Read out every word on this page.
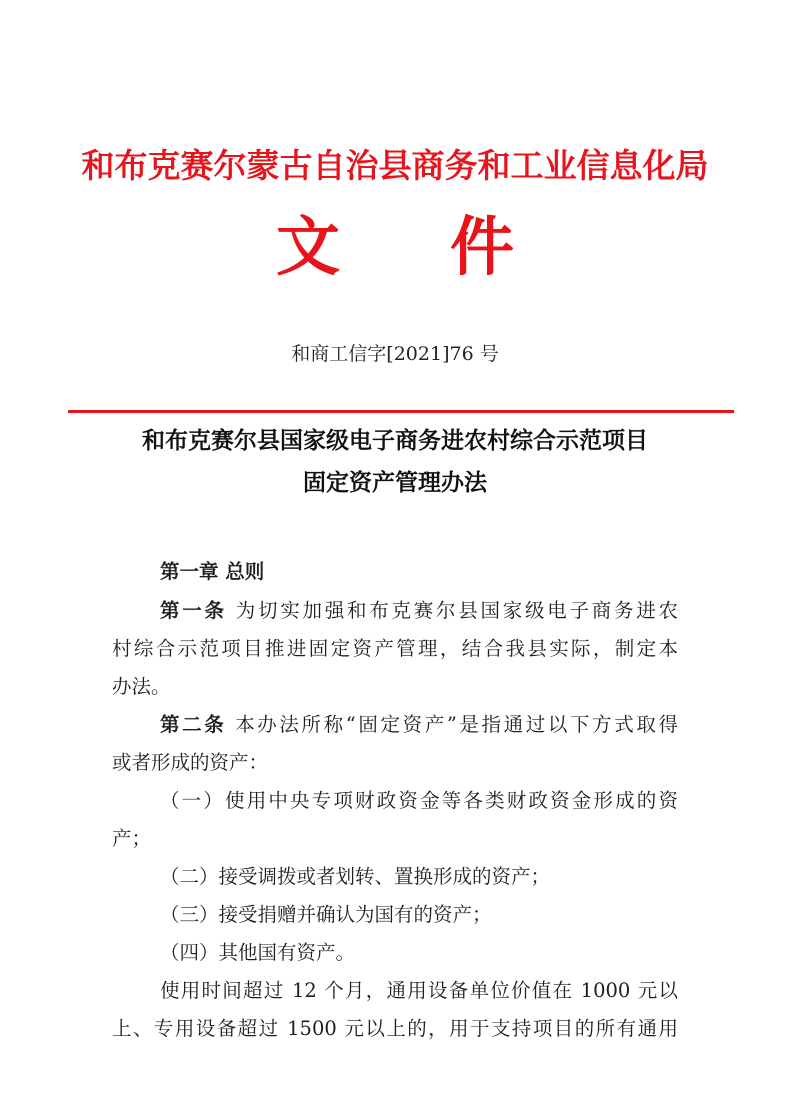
和布克赛尔蒙古自治县商务和工业信息化局
文件
和商工信字[2021]76 号
和布克赛尔县国家级电子商务进农村综合示范项目
固定资产管理办法
第一章 总则
第一条 为切实加强和布克赛尔县国家级电子商务进农
村综合示范项目推进固定资产管理，结合我县实际，制定本
办法。
第二条 本办法所称“固定资产”是指通过以下方式取得
或者形成的资产：
（一）使用中央专项财政资金等各类财政资金形成的资
产；
（二）接受调拨或者划转、置换形成的资产；
（三）接受捐赠并确认为国有的资产；
（四）其他国有资产。
使用时间超过 12 个月，通用设备单位价值在 1000 元以
上、专用设备超过 1500 元以上的，用于支持项目的所有通用
